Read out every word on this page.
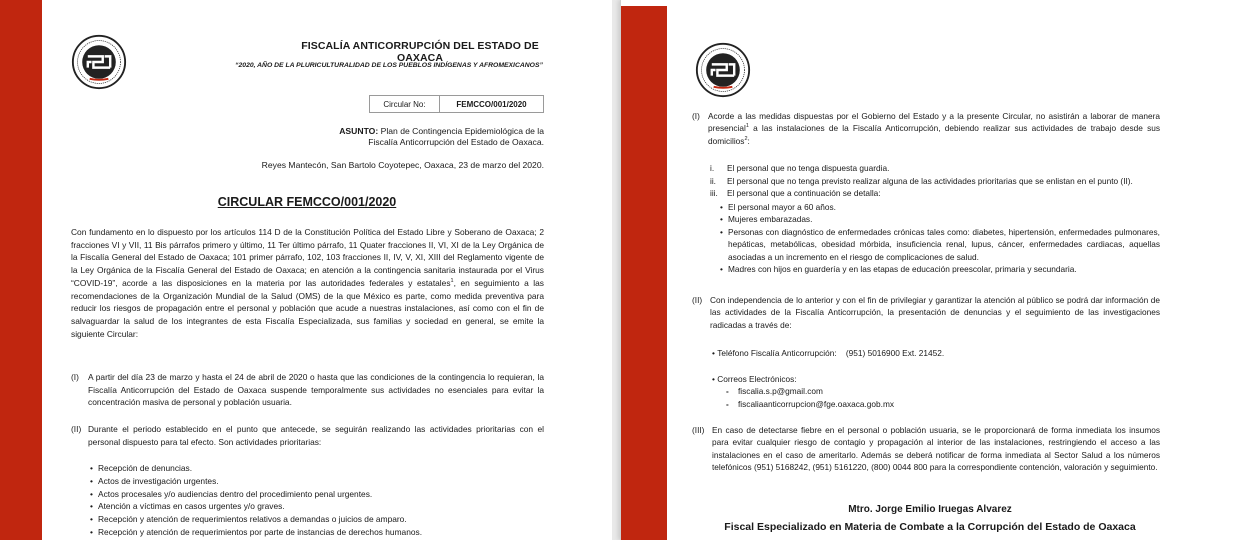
FISCALÍA ANTICORRUPCIÓN DEL ESTADO DE OAXACA
“2020, AÑO DE LA PLURICULTURALIDAD DE LOS PUEBLOS INDÍGENAS Y AFROMEXICANOS”
Circular No:	FEMCCO/001/2020
ASUNTO: Plan de Contingencia Epidemiológica de la
Fiscalía Anticorrupción del Estado de Oaxaca.
Reyes Mantecón, San Bartolo Coyotepec, Oaxaca, 23 de marzo del 2020.
CIRCULAR FEMCCO/001/2020
Con fundamento en lo dispuesto por los artículos 114 D de la Constitución Política del Estado Libre y Soberano de Oaxaca; 2 fracciones VI y VII, 11 Bis párrafos primero y último, 11 Ter último párrafo, 11 Quater fracciones II, VI, XI de la Ley Orgánica de la Fiscalía General del Estado de Oaxaca; 101 primer párrafo, 102, 103 fracciones II, IV, V, XI, XIII del Reglamento vigente de la Ley Orgánica de la Fiscalía General del Estado de Oaxaca; en atención a la contingencia sanitaria instaurada por el Virus “COVID-19”, acorde a las disposiciones en la materia por las autoridades federales y estatales$^1$, en seguimiento a las recomendaciones de la Organización Mundial de la Salud (OMS) de la que México es parte, como medida preventiva para reducir los riesgos de propagación entre el personal y población que acude a nuestras instalaciones, así como con el fin de salvaguardar la salud de los integrantes de esta Fiscalía Especializada, sus familias y sociedad en general, se emite la siguiente Circular:
(I)	A partir del día 23 de marzo y hasta el 24 de abril de 2020 o hasta que las condiciones de la contingencia lo requieran, la Fiscalía Anticorrupción del Estado de Oaxaca suspende temporalmente sus actividades no esenciales para evitar la concentración masiva de personal y población usuaria.
(II) Durante el periodo establecido en el punto que antecede, se seguirán realizando las actividades prioritarias con el personal dispuesto para tal efecto. Son actividades prioritarias:
• Recepción de denuncias.
• Actos de investigación urgentes.
• Actos procesales y/o audiencias dentro del procedimiento penal urgentes.
• Atención a víctimas en casos urgentes y/o graves.
• Recepción y atención de requerimientos relativos a demandas o juicios de amparo.
• Recepción y atención de requerimientos por parte de instancias de derechos humanos.
(I) Acorde a las medidas dispuestas por el Gobierno del Estado y a la presente Circular, no asistirán a laborar de manera presencial$^1$ a las instalaciones de la Fiscalía Anticorrupción, debiendo realizar sus actividades de trabajo desde sus domicilios$^2$:
i.	El personal que no tenga dispuesta guardia.
ii.	El personal que no tenga previsto realizar alguna de las actividades prioritarias que se enlistan en el punto (II).
iii.	El personal que a continuación se detalla:
• El personal mayor a 60 años.
• Mujeres embarazadas.
• Personas con diagnóstico de enfermedades crónicas tales como: diabetes, hipertensión, enfermedades pulmonares, hepáticas, metabólicas, obesidad mórbida, insuficiencia renal, lupus, cáncer, enfermedades cardiacas, aquellas asociadas a un incremento en el riesgo de complicaciones de salud.
• Madres con hijos en guardería y en las etapas de educación preescolar, primaria y secundaria.
(II) Con independencia de lo anterior y con el fin de privilegiar y garantizar la atención al público se podrá dar información de las actividades de la Fiscalía Anticorrupción, la presentación de denuncias y el seguimiento de las investigaciones radicadas a través de:
• Teléfono Fiscalía Anticorrupción: (951) 5016900 Ext. 21452.
• Correos Electrónicos:
- fiscalia.s.p@gmail.com
- fiscaliaanticorrupcion@fge.oaxaca.gob.mx
(III) En caso de detectarse fiebre en el personal o población usuaria, se le proporcionará de forma inmediata los insumos para evitar cualquier riesgo de contagio y propagación al interior de las instalaciones, restringiendo el acceso a las instalaciones en el caso de ameritarlo. Además se deberá notificar de forma inmediata al Sector Salud a los números telefónicos (951) 5168242, (951) 5161220, (800) 0044 800 para la correspondiente contención, valoración y seguimiento.
Mtro. Jorge Emilio Iruegas Alvarez
Fiscal Especializado en Materia de Combate a la Corrupción del Estado de Oaxaca
